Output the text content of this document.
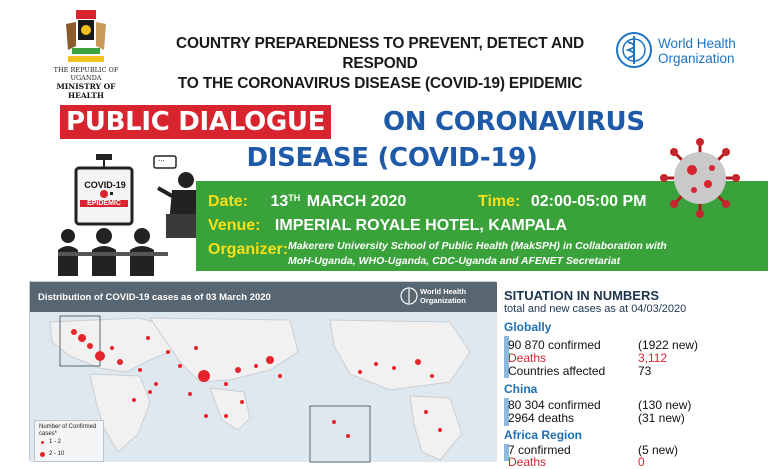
THE REPUBLIC OF UGANDA
MINISTRY OF HEALTH
COUNTRY PREPAREDNESS TO PREVENT, DETECT AND RESPOND
TO THE CORONAVIRUS DISEASE (COVID-19) EPIDEMIC
World Health
Organization
PUBLIC DIALOGUE ON CORONAVIRUS
DISEASE (COVID-19)
COVID-19
EPIDEMIC
...
Date: 13TH MARCH 2020	Time: 02:00-05:00 PM
Venue: IMPERIAL ROYALE HOTEL, KAMPALA
Organizer: Makerere University School of Public Health (MakSPH) in Collaboration with
MoH-Uganda, WHO-Uganda, CDC-Uganda and AFENET Secretariat
Distribution of COVID-19 cases as of 03 March 2020
World Health
Organization
Number of Confirmed cases*
1 - 2
2 - 10
SITUATION IN NUMBERS
total and new cases as at 04/03/2020
Globally
90 870 confirmed	(1922 new)
Deaths	3,112
Countries affected	73
China
80 304 confirmed	(130 new)
2964 deaths	(31 new)
Africa Region
7 confirmed	(5 new)
Deaths	0
